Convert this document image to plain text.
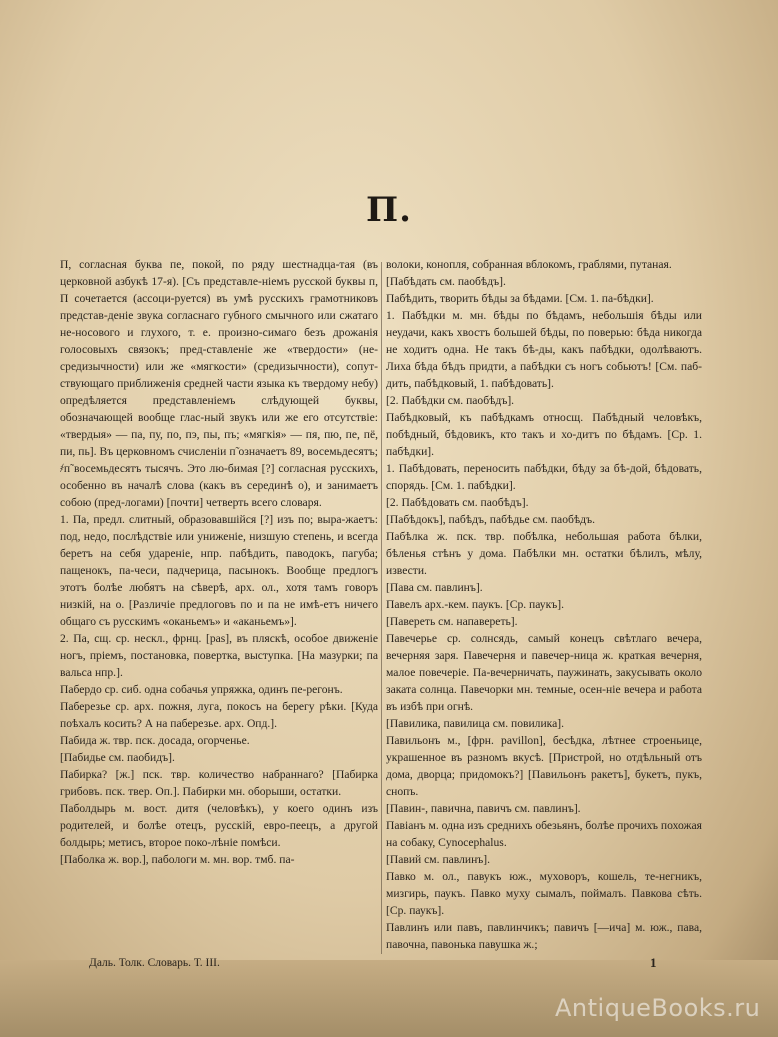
П.

П, согласная буква пе, покой, по ряду шестнадца-тая (въ церковной азбукѣ 17-я). [Съ представле-ніемъ русской буквы п, П сочетается (ассоци-руется) въ умѣ русскихъ грамотниковъ представ-деніе звука согласнаго губного смычного или сжатаго не-носового и глухого, т. е. произно-симаго безъ дрожанія голосовыхъ связокъ; пред-ставленіе же «твердости» (не-средизычности) или же «мягкости» (средизычности), сопут-ствующаго приближенія средней части языка къ твердому небу) опредѣляется представленіемъ слѣдующей буквы, обозначающей вообще глас-ный звукъ или же его отсутствіе: «твердыя» — па, пу, по, пэ, пы, пъ; «мягкія» — пя, пю, пе, пё, пи, пь]. Въ церковномъ счисленіи п̃ означаетъ 89, восемьдесятъ; ҂п̃ восемьдесятъ тысячъ. Это лю-бимая [?] согласная русскихъ, особенно въ началѣ слова (какъ въ серединѣ о), и занимаетъ собою (пред-логами) [почти] четверть всего словаря.

1. Па, предл. слитный, образовавшійся [?] изъ по; выра-жаетъ: под, недо, послѣдствіе или униженіе, низшую степень, и всегда беретъ на себя удареніе, нпр. пабѣдить, паводокъ, пагуба; пащенокъ, па-чеси, падчерица, пасынокъ. Вообще предлогъ этотъ болѣе любятъ на сѣверѣ, арх. ол., хотя тамъ говоръ низкій, на о. [Различіе предлоговъ по и па не имѣ-етъ ничего общаго съ русскимъ «оканьемъ» и «аканьемъ»].

2. Па, сщ. ср. нескл., фрнц. [pas], въ пляскѣ, особое движеніе ногъ, пріемъ, постановка, повертка, выступка. [На мазурки; па вальса нпр.].

Пабердо ср. сиб. одна собачья упряжка, одинъ пе-регонъ.

Паберезье ср. арх. пожня, луга, покосъ на берегу рѣки. [Куда поѣхалъ косить? А на паберезье. арх. Опд.].

Пабида ж. твр. пск. досада, огорченье.

[Пабидье см. паобидъ].

Пабирка? [ж.] пск. твр. количество набраннаго? [Пабирка грибовъ. пск. твер. Оп.]. Пабирки мн. оборыши, остатки.

Паболдырь м. вост. дитя (человѣкъ), у коего одинъ изъ родителей, и болѣе отецъ, русскій, евро-пеецъ, а другой болдырь; метисъ, второе поко-лѣніе помѣси.

[Паболка ж. вор.], пабологи м. мн. вор. тмб. па-

волоки, конопля, собранная вблокомъ, граблями, путаная.

[Пабѣдать см. паобѣдъ].

Пабѣдить, творить бѣды за бѣдами. [См. 1. па-бѣдки].

1. Пабѣдки м. мн. бѣды по бѣдамъ, небольшія бѣды или неудачи, какъ хвостъ большей бѣды, по поверью: бѣда никогда не ходитъ одна. Не такъ бѣ-ды, какъ пабѣдки, одолѣваютъ. Лиха бѣда бѣдъ придти, а пабѣдки съ ногъ собьютъ! [См. паб-дить, пабѣдковый, 1. пабѣдовать].

[2. Пабѣдки см. паобѣдъ].

Пабѣдковый, къ пабѣдкамъ относщ. Пабѣдный человѣкъ, побѣдный, бѣдовикъ, кто такъ и хо-дитъ по бѣдамъ. [Ср. 1. пабѣдки].

1. Пабѣдовать, переносить пабѣдки, бѣду за бѣ-дой, бѣдовать, спорядь. [См. 1. пабѣдки].

[2. Пабѣдовать см. паобѣдъ].

[Пабѣдокъ], пабѣдъ, пабѣдье см. паобѣдъ.

Пабѣлка ж. пск. твр. побѣлка, небольшая работа бѣлки, бѣленья стѣнъ у дома. Пабѣлки мн. остатки бѣлилъ, мѣлу, извести.

[Пава см. павлинъ].

Павелъ арх.-кем. паукъ. [Ср. паукъ].

[Павереть см. напавереть].

Павечерье ср. солнсядь, самый конецъ свѣтлаго вечера, вечерняя заря. Павечерня и павечер-ница ж. краткая вечерня, малое повечеріе. Па-вечерничать, паужинать, закусывать около заката солнца. Павечорки мн. темные, осен-ніе вечера и работа въ избѣ при огнѣ.

[Павилика, павилица см. повилика].

Павильонъ м., [фрн. pavillon], бесѣдка, лѣтнее строеньице, украшенное въ разномъ вкусѣ. [Пристрой, но отдѣльный отъ дома, дворца; придомокъ?] [Павильонъ ракетъ], букетъ, пукъ, снопъ.

[Павин-, павична, павичъ см. павлинъ].

Павіанъ м. одна изъ среднихъ обезьянъ, болѣе прочихъ похожая на собаку, Cynocephalus.

[Павий см. павлинъ].

Павко м. ол., павукъ юж., муховоръ, кошель, те-негникъ, мизгирь, паукъ. Павко муху сымалъ, поймалъ. Павкова сѣть. [Ср. паукъ].

Павлинъ или павъ, павлинчикъ; павичъ [—ича] м. юж., пава, павочна, павонька павушка ж.;

Даль. Толк. Словарь. Т. III.	1
AntiqueBooks.ru
